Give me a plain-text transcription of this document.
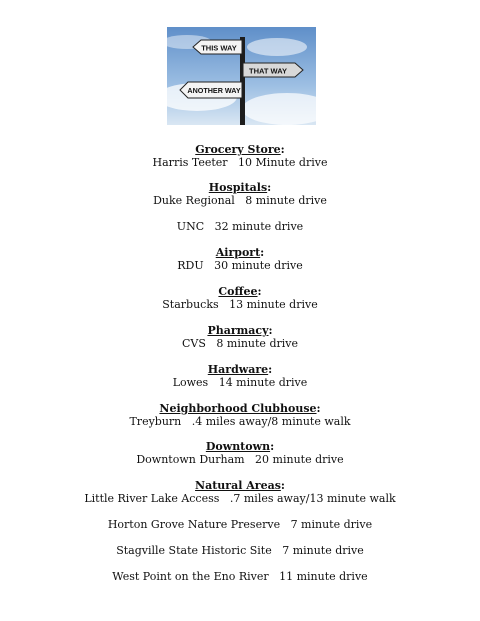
THIS WAY
THAT WAY
ANOTHER WAY
Grocery Store:
Harris Teeter   10 Minute drive
Hospitals:
Duke Regional   8 minute drive
UNC   32 minute drive
Airport:
RDU   30 minute drive
Coffee:
Starbucks   13 minute drive
Pharmacy:
CVS   8 minute drive
Hardware:
Lowes   14 minute drive
Neighborhood Clubhouse:
Treyburn   .4 miles away/8 minute walk
Downtown:
Downtown Durham   20 minute drive
Natural Areas:
Little River Lake Access   .7 miles away/13 minute walk
Horton Grove Nature Preserve   7 minute drive
Stagville State Historic Site   7 minute drive
West Point on the Eno River   11 minute drive
